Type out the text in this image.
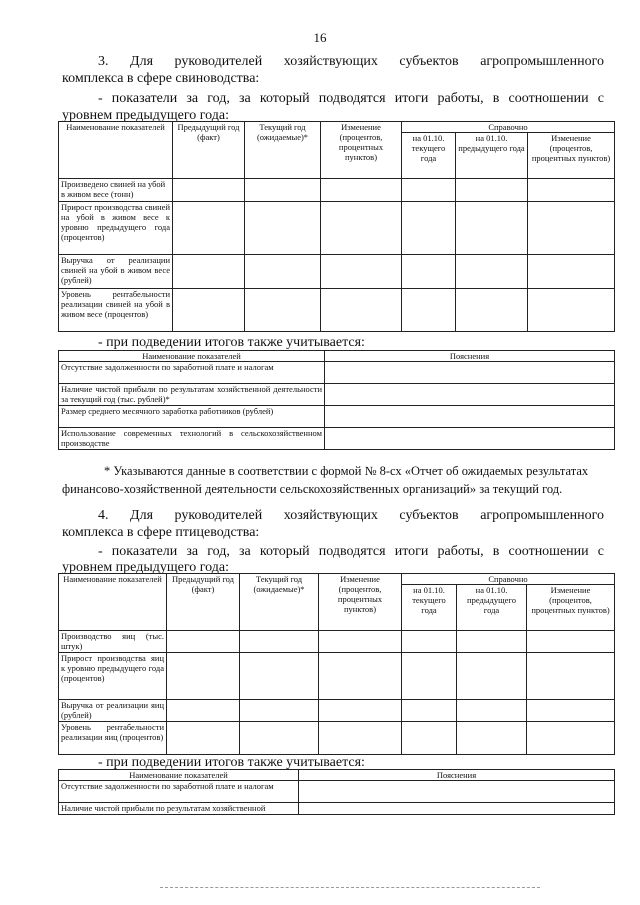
16
3. Для руководителей хозяйствующих субъектов агропромышленного
комплекса в сфере свиноводства:
- показатели за год, за который подводятся итоги работы, в соотношении с
уровнем предыдущего года:
Наименование показателей	Предыдущий год (факт)	Текущий год (ожидаемые)*	Изменение (процентов, процентных пунктов)	Справочно		
				на 01.10. текущего года	на 01.10. предыдущего года	Изменение (процентов, процентных пунктов)
Произведено свиней на убой в живом весе (тонн)						
Прирост производства свиней на убой в живом весе к уровню предыдущего года (процентов)						
Выручка от реализации свиней на убой в живом весе (рублей)						
Уровень рентабельности реализации свиней на убой в живом весе (процентов)						
- при подведении итогов также учитывается:
Наименование показателей	Пояснения
Отсутствие задолженности по заработной плате и налогам	
Наличие чистой прибыли по результатам хозяйственной деятельности за текущий год (тыс. рублей)*	
Размер среднего месячного заработка работников (рублей)	
Использование современных технологий в сельскохозяйственном производстве	
* Указываются данные в соответствии с формой № 8-сх «Отчет об ожидаемых результатах
финансово-хозяйственной деятельности сельскохозяйственных организаций» за текущий год.
4. Для руководителей хозяйствующих субъектов агропромышленного
комплекса в сфере птицеводства:
- показатели за год, за который подводятся итоги работы, в соотношении с
уровнем предыдущего года:
Наименование показателей	Предыдущий год (факт)	Текущий год (ожидаемые)*	Изменение (процентов, процентных пунктов)	Справочно		
				на 01.10. текущего года	на 01.10. предыдущего года	Изменение (процентов, процентных пунктов)
Производство яиц (тыс. штук)						
Прирост производства яиц к уровню предыдущего года (процентов)						
Выручка от реализации яиц (рублей)						
Уровень рентабельности реализации яиц (процентов)						
- при подведении итогов также учитывается:
Наименование показателей	Пояснения
Отсутствие задолженности по заработной плате и налогам	
Наличие чистой прибыли по результатам хозяйственной	
